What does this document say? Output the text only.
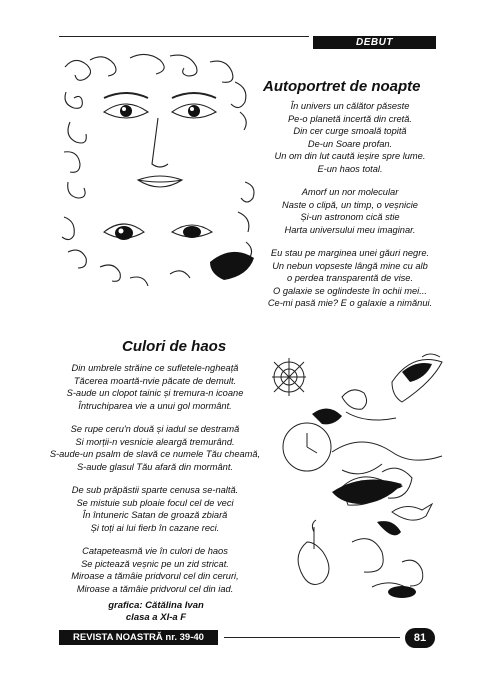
DEBUT
Autoportret de noapte
În univers un călător păseste
Pe-o planetă incertă din cretă.
Din cer curge smoală topită
De-un Soare profan.
Un om din lut caută ieșire spre lume.
E-un haos total.
Amorf un nor molecular
Naste o clipă, un timp, o veșnicie
Și-un astronom cică stie
Harta universului meu imaginar.
Eu stau pe marginea unei găuri negre.
Un nebun vopseste lângă mine cu alb
o perdea transparentă de vise.
O galaxie se oglindeste în ochii mei...
Ce-mi pasă mie? E o galaxie a nimănui.
Culori de haos
Din umbrele străine ce sufletele-ngheață
Tăcerea moartă-nvie păcate de demult.
S-aude un clopot tainic și tremura-n icoane
Întruchiparea vie a unui gol mormânt.
Se rupe ceru'n două și iadul se destramă
Si morții-n vesnicie aleargă tremurând.
S-aude-un psalm de slavă ce numele Tău cheamă,
S-aude glasul Tău afară din mormânt.
De sub prăpăstii sparte cenusa se-naltă.
Se mistuie sub ploaie focul cel de veci
În întuneric Satan de groază zbiară
Și toți ai lui fierb în cazane reci.
Catapeteasmă vie în culori de haos
Se pictează veșnic pe un zid stricat.
Miroase a tămâie pridvorul cel din ceruri,
Miroase a tămâie pridvorul cel din iad.
grafica: Cătălina Ivan
clasa a XI-a F
REVISTA NOASTRĂ nr. 39-40	81
